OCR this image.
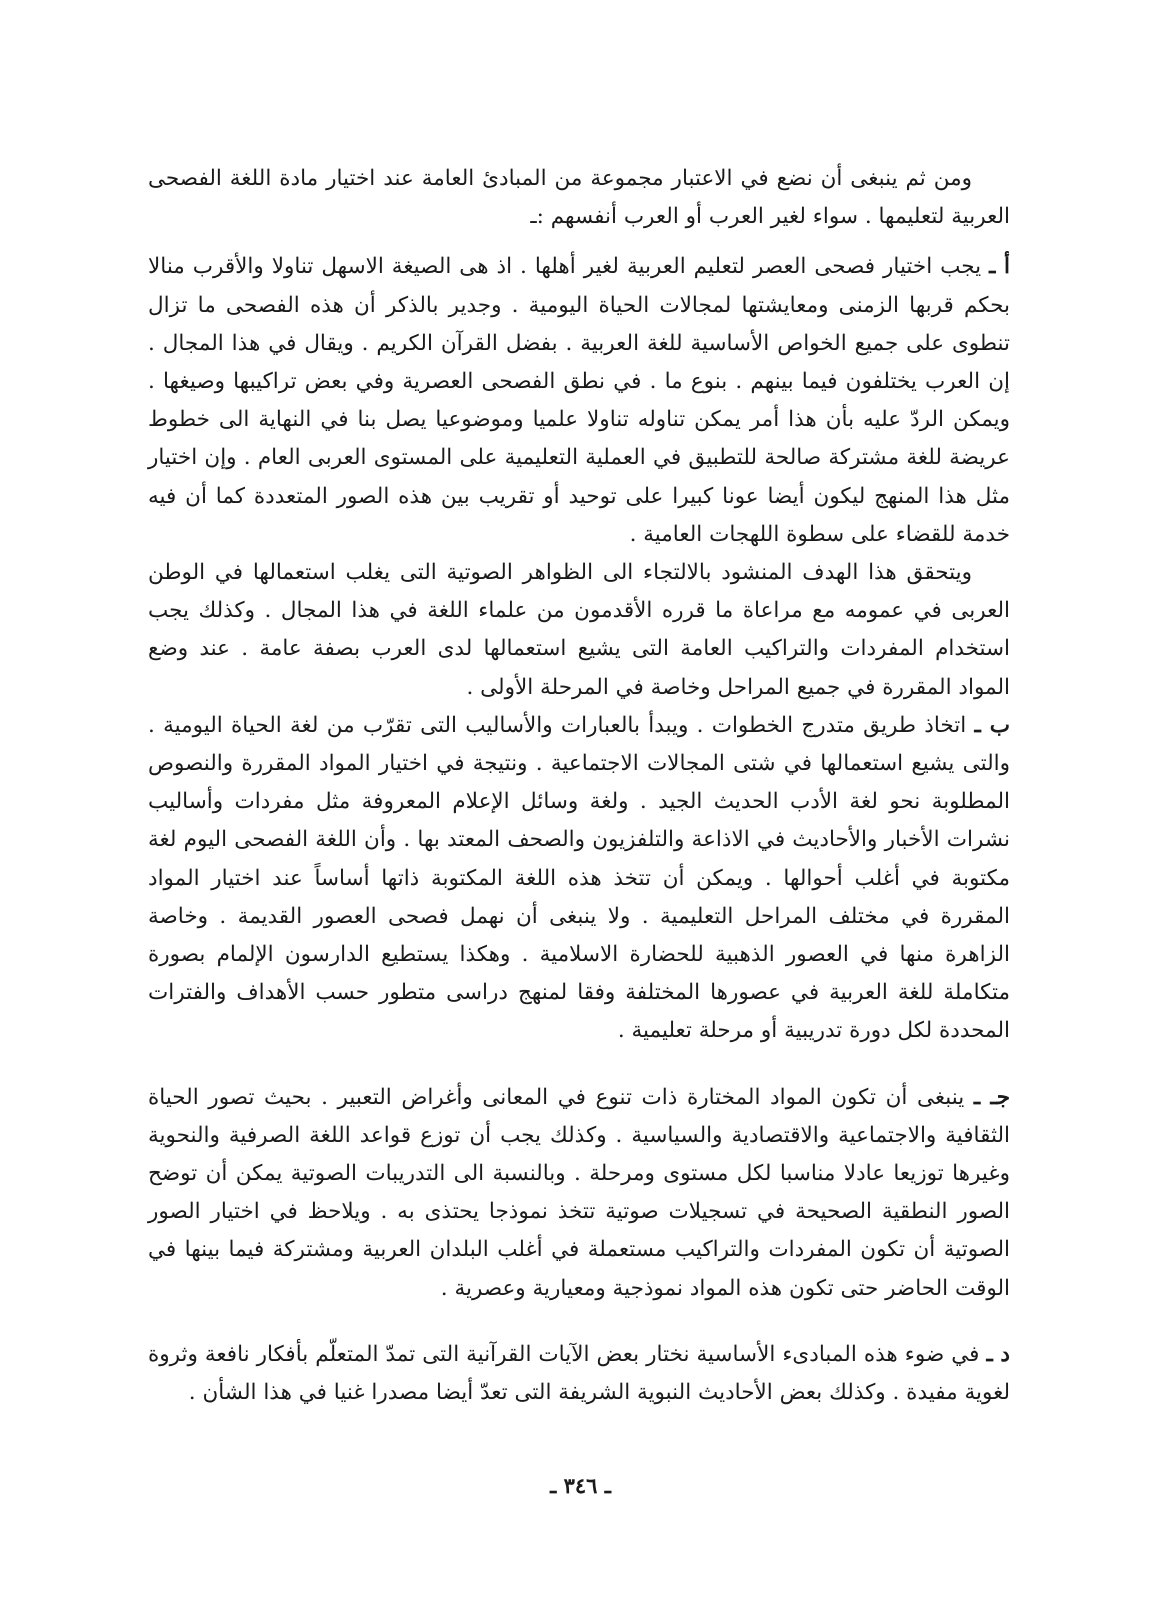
ومن ثم ينبغى أن نضع في الاعتبار مجموعة من المبادئ العامة عند اختيار مادة اللغة الفصحى العربية لتعليمها . سواء لغير العرب أو العرب أنفسهم :ـ

أ ـ يجب اختيار فصحى العصر لتعليم العربية لغير أهلها . اذ هى الصيغة الاسهل تناولا والأقرب منالا بحكم قربها الزمنى ومعايشتها لمجالات الحياة اليومية . وجدير بالذكر أن هذه الفصحى ما تزال تنطوى على جميع الخواص الأساسية للغة العربية . بفضل القرآن الكريم . ويقال في هذا المجال . إن العرب يختلفون فيما بينهم . بنوع ما . في نطق الفصحى العصرية وفي بعض تراكيبها وصيغها . ويمكن الردّ عليه بأن هذا أمر يمكن تناوله تناولا علميا وموضوعيا يصل بنا في النهاية الى خطوط عريضة للغة مشتركة صالحة للتطبيق في العملية التعليمية على المستوى العربى العام . وإن اختيار مثل هذا المنهج ليكون أيضا عونا كبيرا على توحيد أو تقريب بين هذه الصور المتعددة كما أن فيه خدمة للقضاء على سطوة اللهجات العامية .

ويتحقق هذا الهدف المنشود بالالتجاء الى الظواهر الصوتية التى يغلب استعمالها في الوطن العربى في عمومه مع مراعاة ما قرره الأقدمون من علماء اللغة في هذا المجال . وكذلك يجب استخدام المفردات والتراكيب العامة التى يشيع استعمالها لدى العرب بصفة عامة . عند وضع المواد المقررة في جميع المراحل وخاصة في المرحلة الأولى .

ب ـ اتخاذ طريق متدرج الخطوات . ويبدأ بالعبارات والأساليب التى تقرّب من لغة الحياة اليومية . والتى يشيع استعمالها في شتى المجالات الاجتماعية . ونتيجة في اختيار المواد المقررة والنصوص المطلوبة نحو لغة الأدب الحديث الجيد . ولغة وسائل الإعلام المعروفة مثل مفردات وأساليب نشرات الأخبار والأحاديث في الاذاعة والتلفزيون والصحف المعتد بها . وأن اللغة الفصحى اليوم لغة مكتوبة في أغلب أحوالها . ويمكن أن تتخذ هذه اللغة المكتوبة ذاتها أساساً عند اختيار المواد المقررة في مختلف المراحل التعليمية . ولا ينبغى أن نهمل فصحى العصور القديمة . وخاصة الزاهرة منها في العصور الذهبية للحضارة الاسلامية . وهكذا يستطيع الدارسون الإلمام بصورة متكاملة للغة العربية في عصورها المختلفة وفقا لمنهج دراسى متطور حسب الأهداف والفترات المحددة لكل دورة تدريبية أو مرحلة تعليمية .

جـ ـ ينبغى أن تكون المواد المختارة ذات تنوع في المعانى وأغراض التعبير . بحيث تصور الحياة الثقافية والاجتماعية والاقتصادية والسياسية . وكذلك يجب أن توزع قواعد اللغة الصرفية والنحوية وغيرها توزيعا عادلا مناسبا لكل مستوى ومرحلة . وبالنسبة الى التدريبات الصوتية يمكن أن توضح الصور النطقية الصحيحة في تسجيلات صوتية تتخذ نموذجا يحتذى به . ويلاحظ في اختيار الصور الصوتية أن تكون المفردات والتراكيب مستعملة في أغلب البلدان العربية ومشتركة فيما بينها في الوقت الحاضر حتى تكون هذه المواد نموذجية ومعيارية وعصرية .

د ـ في ضوء هذه المبادىء الأساسية نختار بعض الآيات القرآنية التى تمدّ المتعلّم بأفكار نافعة وثروة لغوية مفيدة . وكذلك بعض الأحاديث النبوية الشريفة التى تعدّ أيضا مصدرا غنيا في هذا الشأن .

ـ ٣٤٦ ـ
